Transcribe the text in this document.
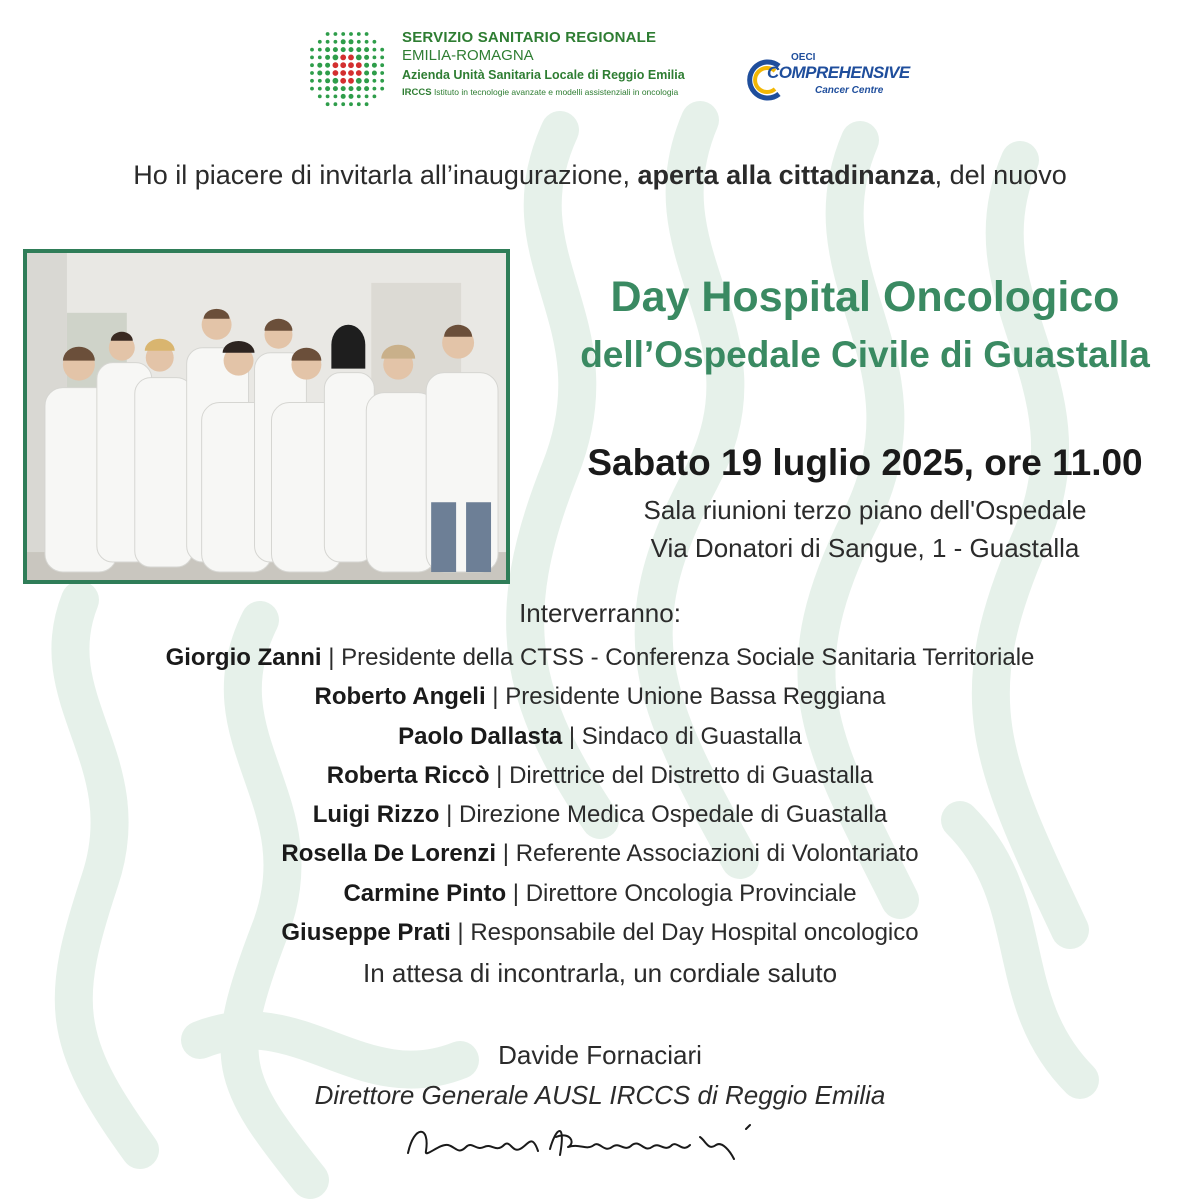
SERVIZIO SANITARIO REGIONALE
EMILIA-ROMAGNA
Azienda Unità Sanitaria Locale di Reggio Emilia
IRCCS Istituto in tecnologie avanzate e modelli assistenziali in oncologia
OECI
COMPREHENSIVE
Cancer Centre
Ho il piacere di invitarla all’inaugurazione, aperta alla cittadinanza, del nuovo
Day Hospital Oncologico
dell’Ospedale Civile di Guastalla
Sabato 19 luglio 2025, ore 11.00
Sala riunioni terzo piano dell'Ospedale
Via Donatori di Sangue, 1 - Guastalla
Interverranno:
Giorgio Zanni | Presidente della CTSS - Conferenza Sociale Sanitaria Territoriale
Roberto Angeli | Presidente Unione Bassa Reggiana
Paolo Dallasta | Sindaco di Guastalla
Roberta Riccò | Direttrice del Distretto di Guastalla
Luigi Rizzo | Direzione Medica Ospedale di Guastalla
Rosella De Lorenzi | Referente Associazioni di Volontariato
Carmine Pinto | Direttore Oncologia Provinciale
Giuseppe Prati | Responsabile del Day Hospital oncologico
In attesa di incontrarla, un cordiale saluto
Davide Fornaciari
Direttore Generale AUSL IRCCS di Reggio Emilia
